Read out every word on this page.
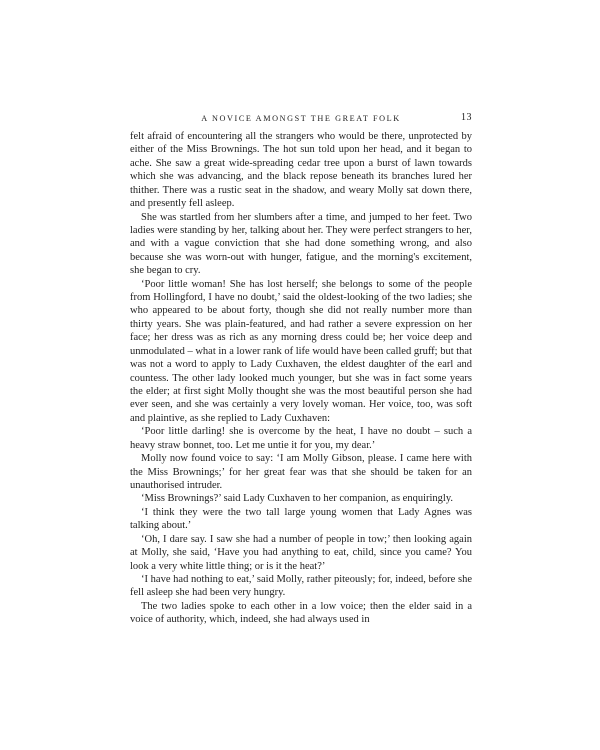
A NOVICE AMONGST THE GREAT FOLK	13

felt afraid of encountering all the strangers who would be there, unprotected by either of the Miss Brownings. The hot sun told upon her head, and it began to ache. She saw a great wide-spreading cedar tree upon a burst of lawn towards which she was advancing, and the black repose beneath its branches lured her thither. There was a rustic seat in the shadow, and weary Molly sat down there, and presently fell asleep.

She was startled from her slumbers after a time, and jumped to her feet. Two ladies were standing by her, talking about her. They were perfect strangers to her, and with a vague conviction that she had done something wrong, and also because she was worn-out with hunger, fatigue, and the morning's excitement, she began to cry.

‘Poor little woman! She has lost herself; she belongs to some of the people from Hollingford, I have no doubt,’ said the oldest-looking of the two ladies; she who appeared to be about forty, though she did not really number more than thirty years. She was plain-featured, and had rather a severe expression on her face; her dress was as rich as any morning dress could be; her voice deep and unmodulated – what in a lower rank of life would have been called gruff; but that was not a word to apply to Lady Cuxhaven, the eldest daughter of the earl and countess. The other lady looked much younger, but she was in fact some years the elder; at first sight Molly thought she was the most beautiful person she had ever seen, and she was certainly a very lovely woman. Her voice, too, was soft and plaintive, as she replied to Lady Cuxhaven:

‘Poor little darling! she is overcome by the heat, I have no doubt – such a heavy straw bonnet, too. Let me untie it for you, my dear.’

Molly now found voice to say: ‘I am Molly Gibson, please. I came here with the Miss Brownings;’ for her great fear was that she should be taken for an unauthorised intruder.

‘Miss Brownings?’ said Lady Cuxhaven to her companion, as enquiringly.

‘I think they were the two tall large young women that Lady Agnes was talking about.’

‘Oh, I dare say. I saw she had a number of people in tow;’ then looking again at Molly, she said, ‘Have you had anything to eat, child, since you came? You look a very white little thing; or is it the heat?’

‘I have had nothing to eat,’ said Molly, rather piteously; for, indeed, before she fell asleep she had been very hungry.

The two ladies spoke to each other in a low voice; then the elder said in a voice of authority, which, indeed, she had always used in
